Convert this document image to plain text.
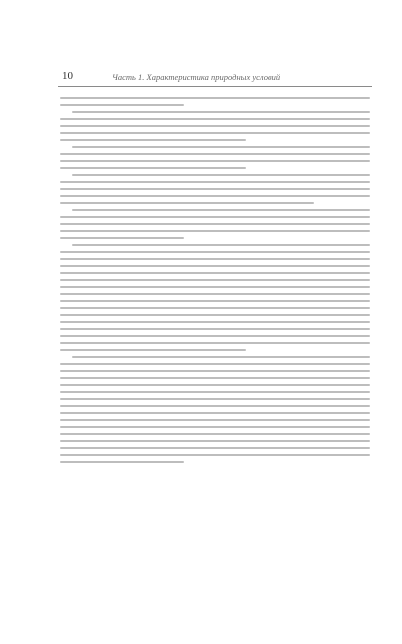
10	Часть 1. Характеристика природных условий
